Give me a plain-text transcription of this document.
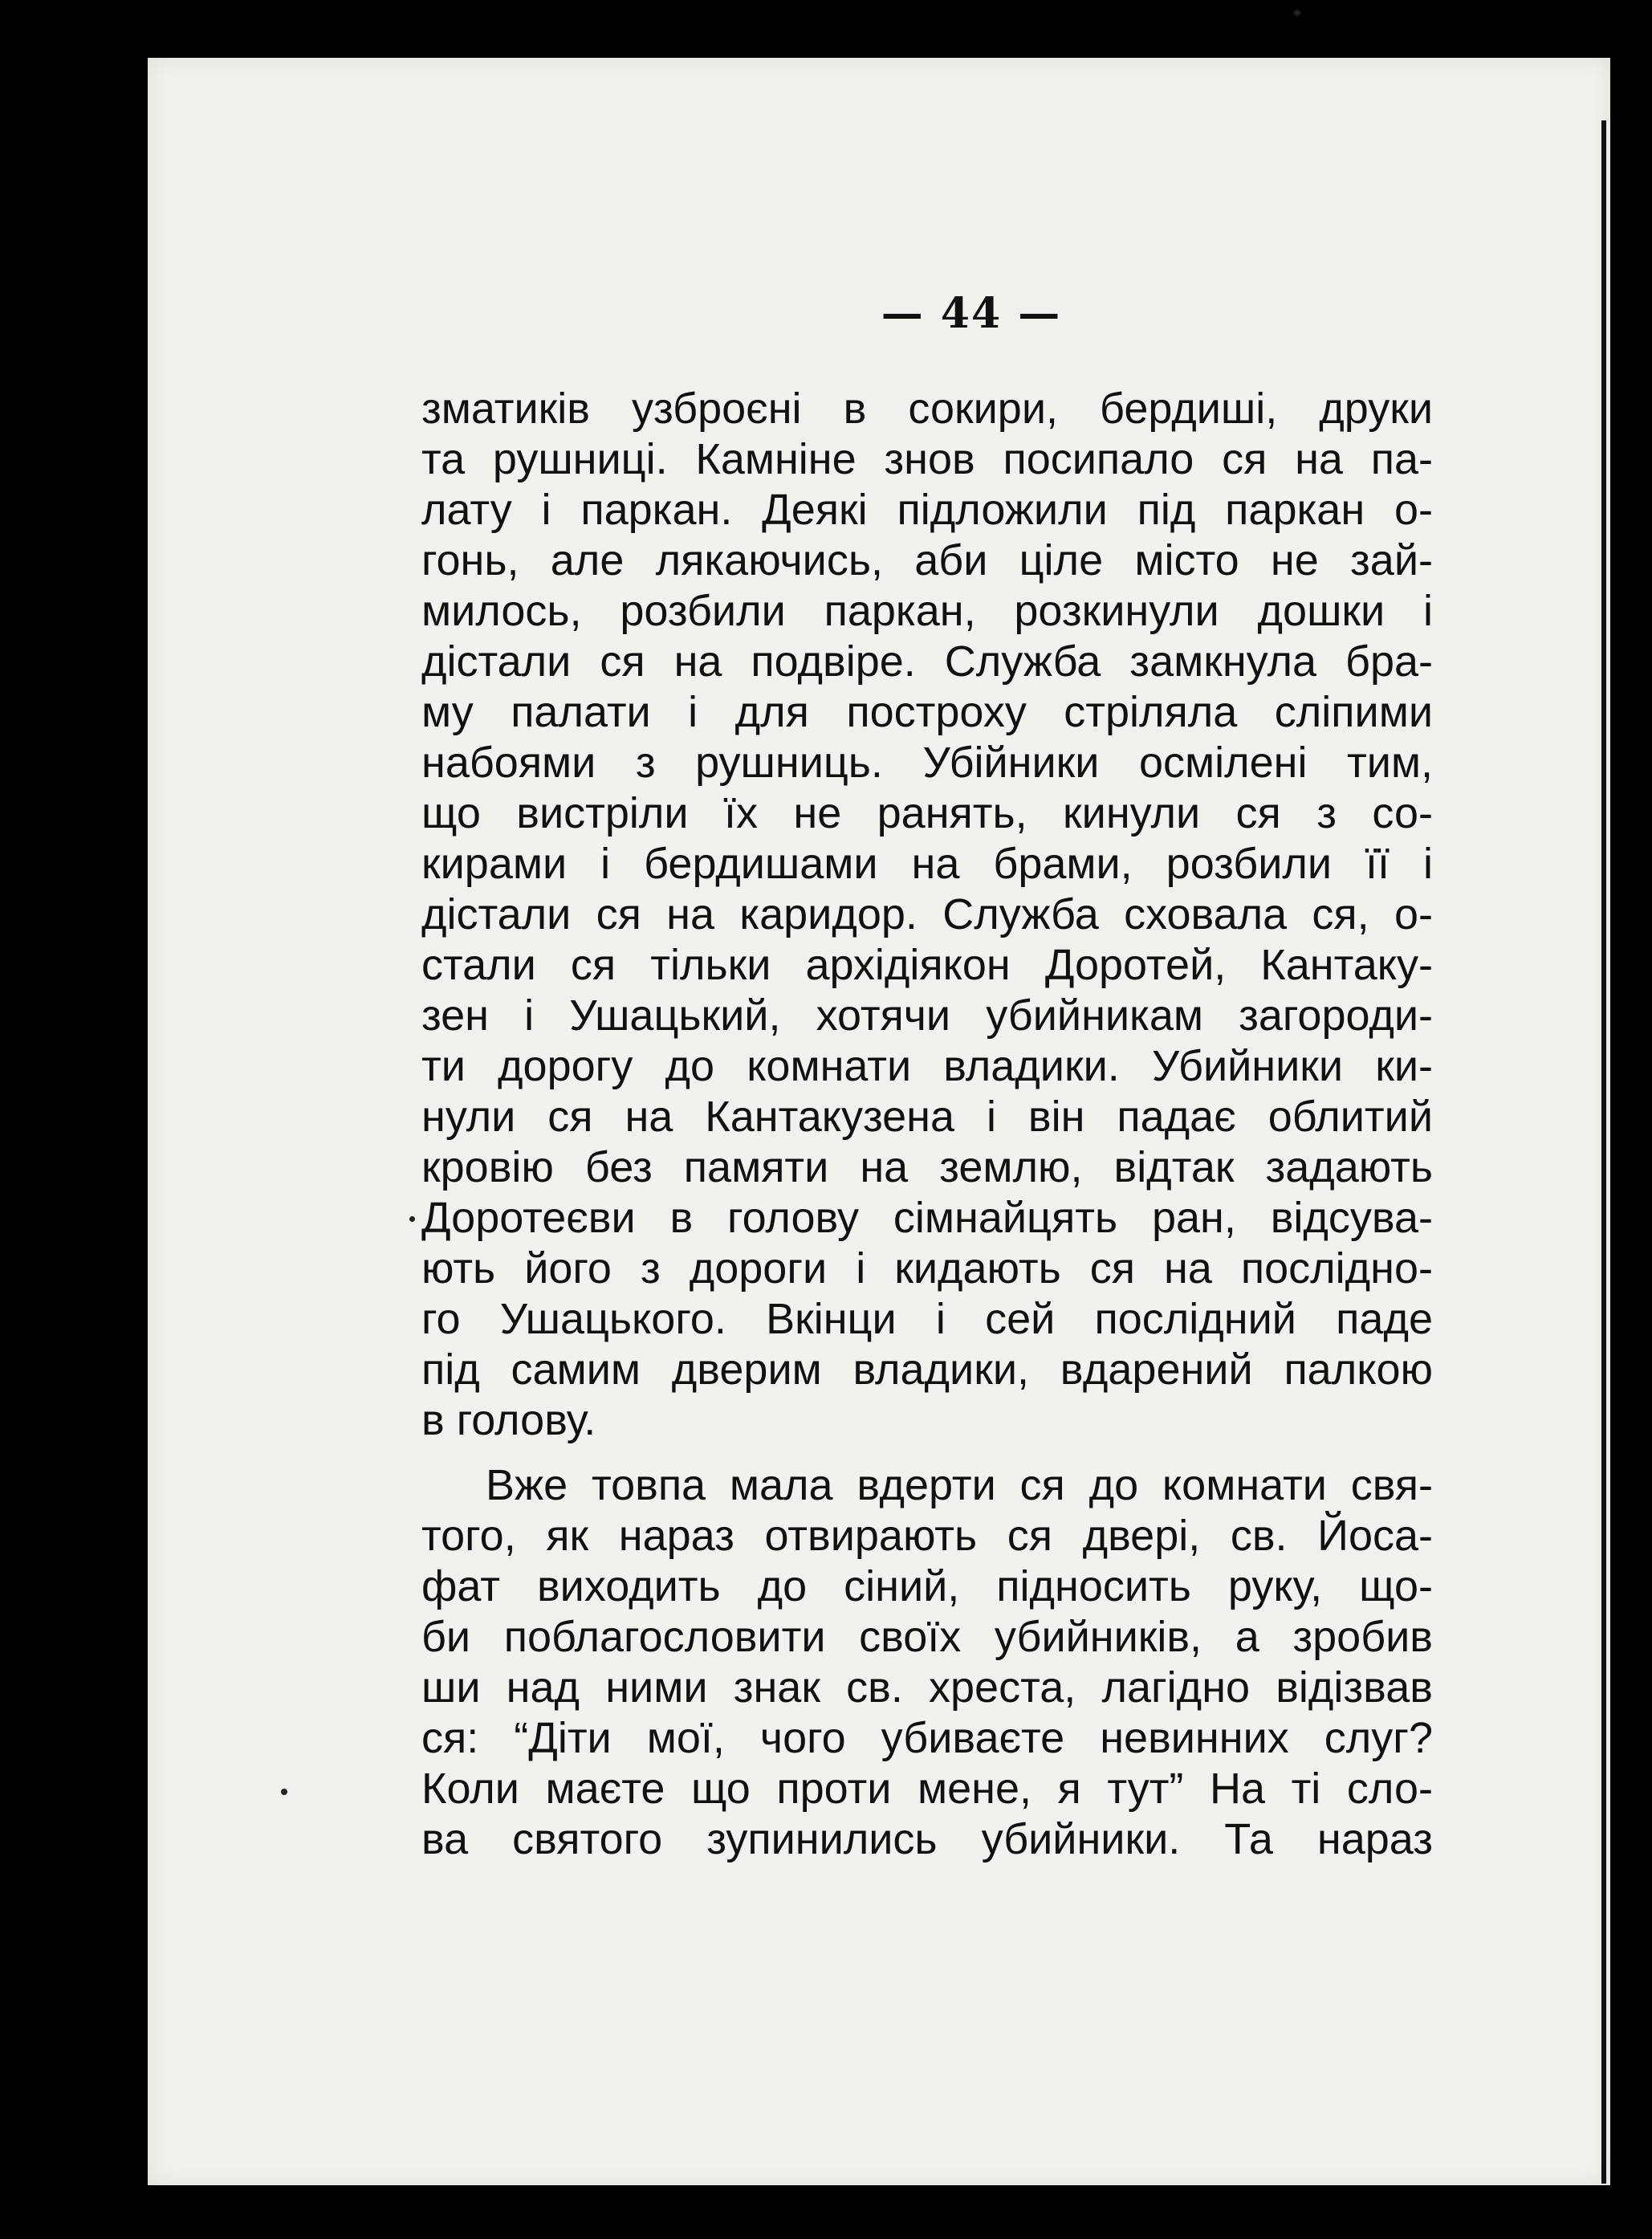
— 44 —
зматиків узброєні в сокири, бердиші, друки
та рушниці. Камніне знов посипало ся на па-
лату і паркан. Деякі підложили під паркан о-
гонь, але лякаючись, аби ціле місто не зай-
милось, розбили паркан, розкинули дошки і
дістали ся на подвіре. Служба замкнула бра-
му палати і для построху стріляла сліпими
набоями з рушниць. Убійники осмілені тим,
що вистріли їх не ранять, кинули ся з со-
кирами і бердишами на брами, розбили її і
дістали ся на каридор. Служба сховала ся, о-
стали ся тільки архідіякон Доротей, Кантаку-
зен і Ушацький, хотячи убийникам загороди-
ти дорогу до комнати владики. Убийники ки-
нули ся на Кантакузена і він падає облитий
кровію без памяти на землю, відтак задають
Доротеєви в голову сімнайцять ран, відсува-
ють його з дороги і кидають ся на послідно-
го Ушацького. Вкінци і сей послідний паде
під самим дверим владики, вдарений палкою
в голову.
Вже товпа мала вдерти ся до комнати свя-
того, як нараз отвирають ся двері, св. Йоса-
фат виходить до сіний, підносить руку, що-
би поблагословити своїх убийників, а зробив
ши над ними знак св. хреста, лагідно відізвав
ся: “Діти мої, чого убиваєте невинних слуг?
Коли маєте що проти мене, я тут” На ті сло-
ва святого зупинились убийники. Та нараз
